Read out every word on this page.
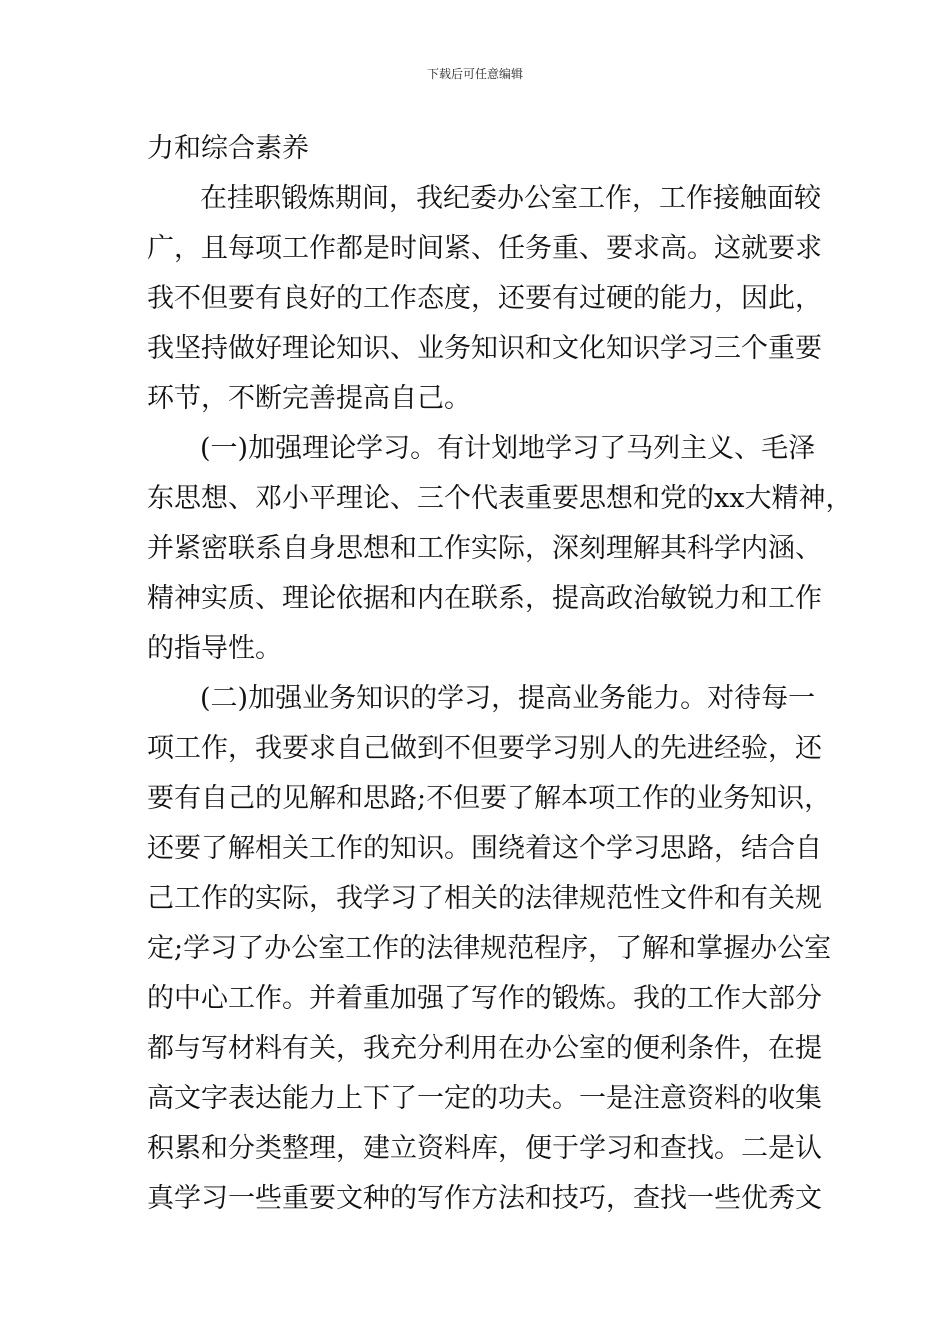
下载后可任意编辑
力和综合素养
在挂职锻炼期间，我纪委办公室工作，工作接触面较
广，且每项工作都是时间紧、任务重、要求高。这就要求
我不但要有良好的工作态度，还要有过硬的能力，因此，
我坚持做好理论知识、业务知识和文化知识学习三个重要
环节，不断完善提高自己。
(一)加强理论学习。有计划地学习了马列主义、毛泽
东思想、邓小平理论、三个代表重要思想和党的xx大精神，
并紧密联系自身思想和工作实际，深刻理解其科学内涵、
精神实质、理论依据和内在联系，提高政治敏锐力和工作
的指导性。
(二)加强业务知识的学习，提高业务能力。对待每一
项工作，我要求自己做到不但要学习别人的先进经验，还
要有自己的见解和思路;不但要了解本项工作的业务知识，
还要了解相关工作的知识。围绕着这个学习思路，结合自
己工作的实际，我学习了相关的法律规范性文件和有关规
定;学习了办公室工作的法律规范程序，了解和掌握办公室
的中心工作。并着重加强了写作的锻炼。我的工作大部分
都与写材料有关，我充分利用在办公室的便利条件，在提
高文字表达能力上下了一定的功夫。一是注意资料的收集
积累和分类整理，建立资料库，便于学习和查找。二是认
真学习一些重要文种的写作方法和技巧，查找一些优秀文
